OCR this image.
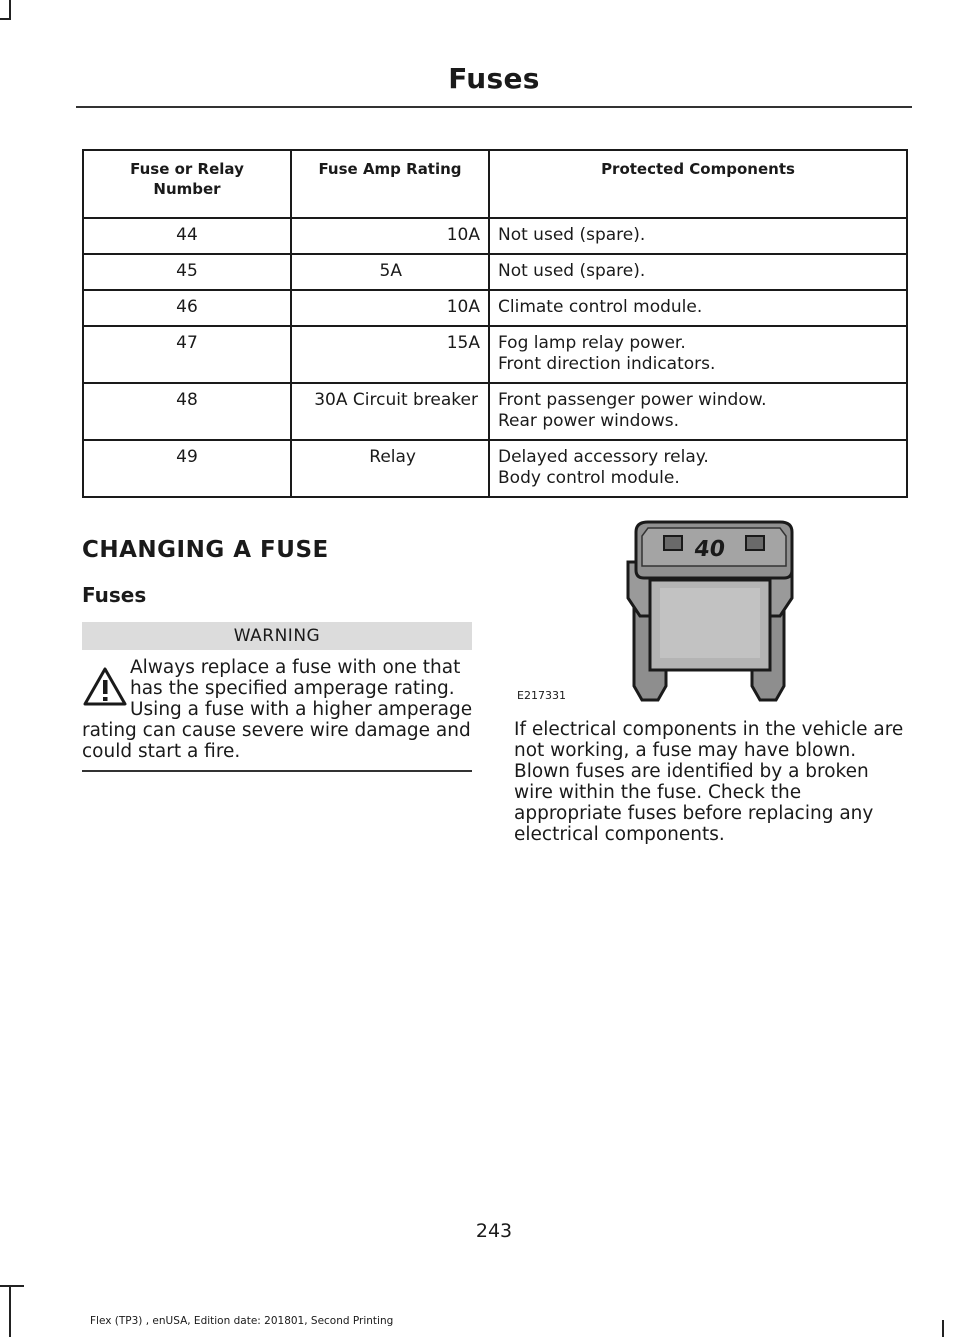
Fuses
Fuse or Relay Number	Fuse Amp Rating	Protected Components
44	10A	Not used (spare).

45	5A	Not used (spare).

46	10A	Climate control module.

47	15A	Fog lamp relay power.
Front direction indicators.

48	30A Circuit breaker	Front passenger power window.
Rear power windows.

49	Relay	Delayed accessory relay.
Body control module.
CHANGING A FUSE
Fuses
WARNING
Always replace a fuse with one that has the specified amperage rating. Using a fuse with a higher amperage rating can cause severe wire damage and could start a fire.
40
E217331
If electrical components in the vehicle are not working, a fuse may have blown. Blown fuses are identified by a broken wire within the fuse. Check the appropriate fuses before replacing any electrical components.
243
Flex (TP3) , enUSA, Edition date: 201801, Second Printing
